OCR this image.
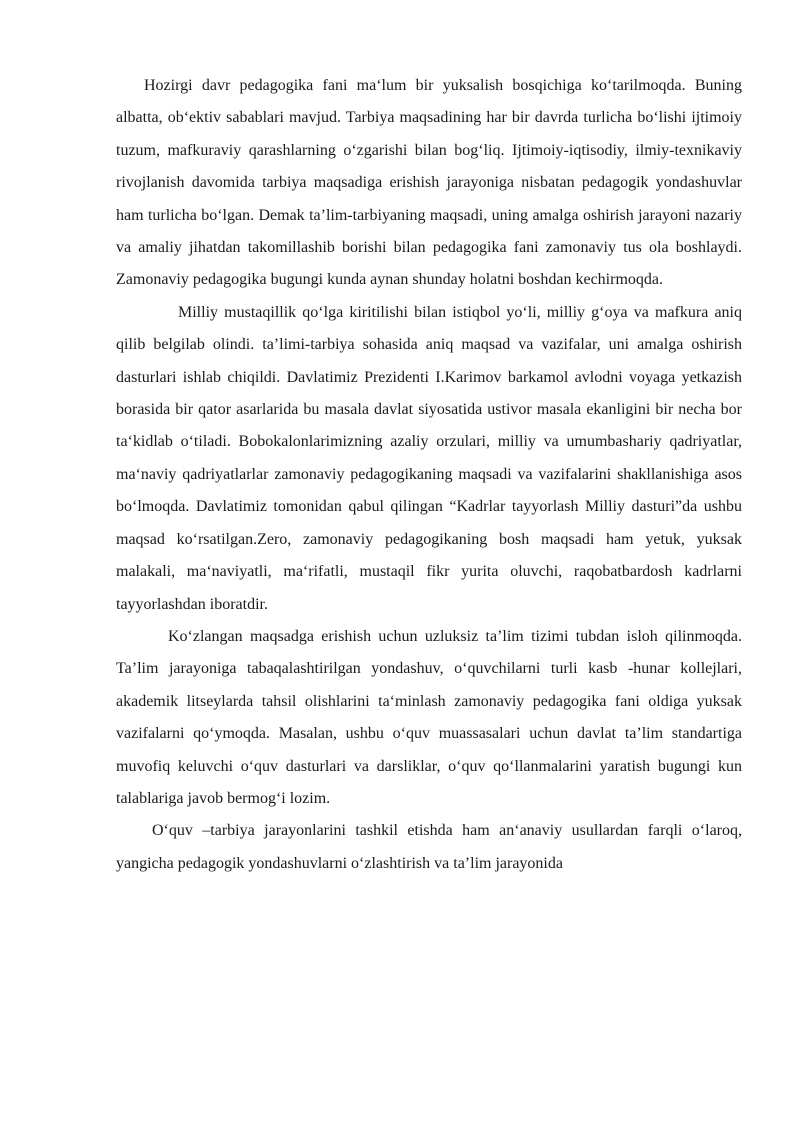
Hozirgi davr pedagogika fani maʻlum bir yuksalish bosqichiga koʻtarilmoqda. Buning albatta, obʻektiv sabablari mavjud. Tarbiya maqsadining har bir davrda turlicha boʻlishi ijtimoiy tuzum, mafkuraviy qarashlarning oʻzgarishi bilan bogʻliq. Ijtimoiy-iqtisodiy, ilmiy-texnikaviy rivojlanish davomida tarbiya maqsadiga erishish jarayoniga nisbatan pedagogik yondashuvlar ham turlicha boʻlgan. Demak ta’lim-tarbiyaning maqsadi, uning amalga oshirish jarayoni nazariy va amaliy jihatdan takomillashib borishi bilan pedagogika fani zamonaviy tus ola boshlaydi. Zamonaviy pedagogika bugungi kunda aynan shunday holatni boshdan kechirmoqda.

Milliy mustaqillik qoʻlga kiritilishi bilan istiqbol yoʻli, milliy gʻoya va mafkura aniq qilib belgilab olindi. ta’limi-tarbiya sohasida aniq maqsad va vazifalar, uni amalga oshirish dasturlari ishlab chiqildi. Davlatimiz Prezidenti I.Karimov barkamol avlodni voyaga yetkazish borasida bir qator asarlarida bu masala davlat siyosatida ustivor masala ekanligini bir necha bor taʻkidlab oʻtiladi. Bobokalonlarimizning azaliy orzulari, milliy va umumbashariy qadriyatlar, maʻnaviy qadriyatlarlar zamonaviy pedagogikaning maqsadi va vazifalarini shakllanishiga asos boʻlmoqda. Davlatimiz tomonidan qabul qilingan “Kadrlar tayyorlash Milliy dasturi”da ushbu maqsad koʻrsatilgan.Zero, zamonaviy pedagogikaning bosh maqsadi ham yetuk, yuksak malakali, maʻnaviyatli, maʻrifatli, mustaqil fikr yurita oluvchi, raqobatbardosh kadrlarni tayyorlashdan iboratdir.

Koʻzlangan maqsadga erishish uchun uzluksiz ta’lim tizimi tubdan isloh qilinmoqda. Ta’lim jarayoniga tabaqalashtirilgan yondashuv, oʻquvchilarni turli kasb -hunar kollejlari, akademik litseylarda tahsil olishlarini taʻminlash zamonaviy pedagogika fani oldiga yuksak vazifalarni qoʻymoqda. Masalan, ushbu oʻquv muassasalari uchun davlat ta’lim standartiga muvofiq keluvchi oʻquv dasturlari va darsliklar, oʻquv qoʻllanmalarini yaratish bugungi kun talablariga javob bermogʻi lozim.

Oʻquv –tarbiya jarayonlarini tashkil etishda ham anʻanaviy usullardan farqli oʻlaroq, yangicha pedagogik yondashuvlarni oʻzlashtirish va ta’lim jarayonida
